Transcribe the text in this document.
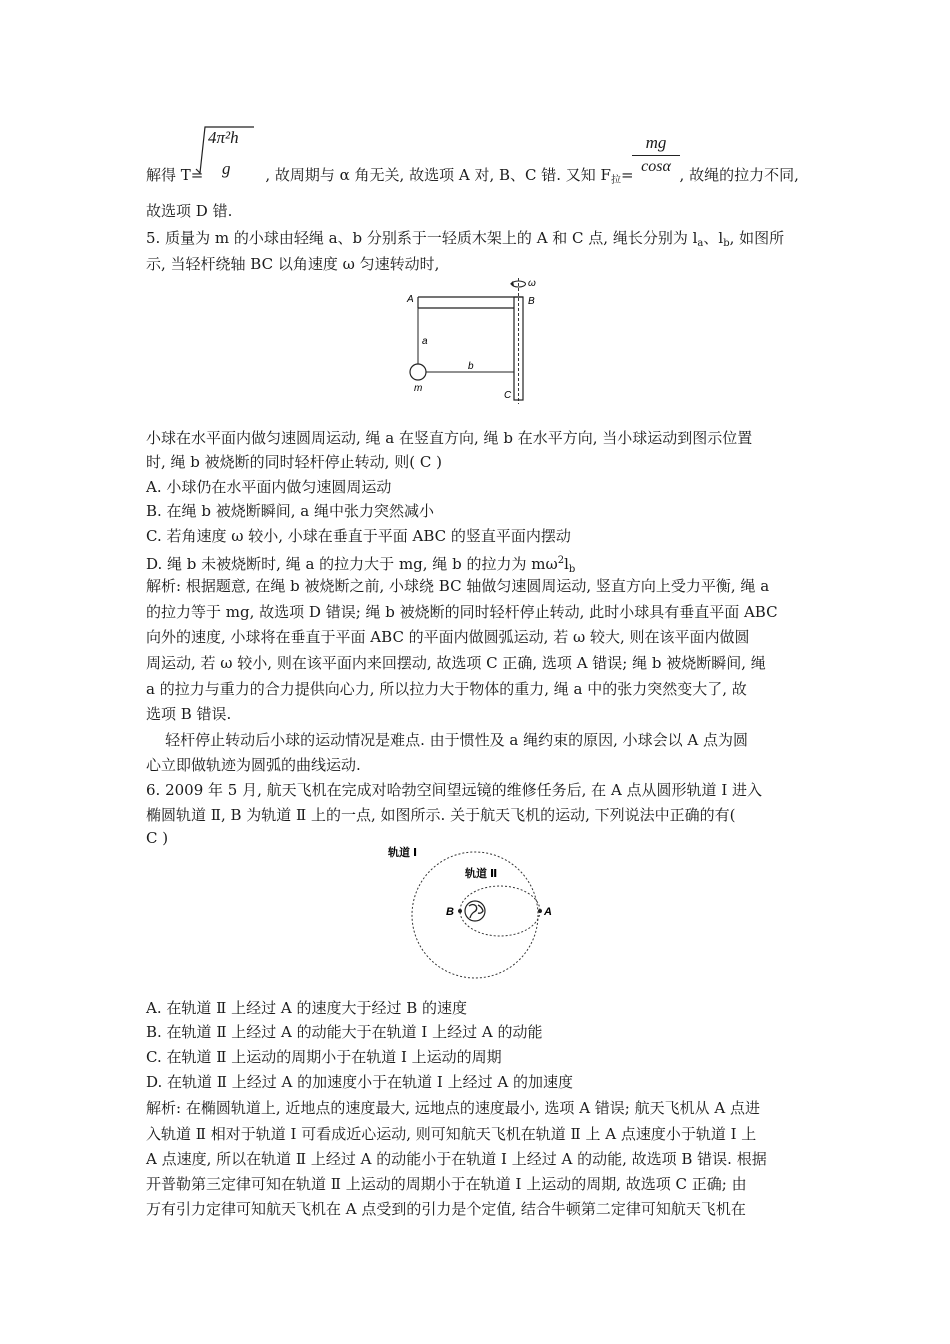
4π²h
g
解得 T=	, 故周期与 α 角无关, 故选项 A 对, B、C 错. 又知 $F_拉=$	, 故绳的拉力不同,
mg
cosα
故选项 D 错.
5. 质量为 m 的小球由轻绳 a、b 分别系于一轻质木架上的 A 和 C 点, 绳长分别为 $l_a$、$l_b$, 如图所
示, 当轻杆绕轴 BC 以角速度 ω 匀速转动时,
ω
A	B
C
a
b
m
小球在水平面内做匀速圆周运动, 绳 a 在竖直方向, 绳 b 在水平方向, 当小球运动到图示位置
时, 绳 b 被烧断的同时轻杆停止转动, 则( C )
A. 小球仍在水平面内做匀速圆周运动
B. 在绳 b 被烧断瞬间, a 绳中张力突然减小
C. 若角速度 ω 较小, 小球在垂直于平面 ABC 的竖直平面内摆动
D. 绳 b 未被烧断时, 绳 a 的拉力大于 mg, 绳 b 的拉力为 $m\omega^2l_b$
解析: 根据题意, 在绳 b 被烧断之前, 小球绕 BC 轴做匀速圆周运动, 竖直方向上受力平衡, 绳 a
的拉力等于 mg, 故选项 D 错误; 绳 b 被烧断的同时轻杆停止转动, 此时小球具有垂直平面 ABC
向外的速度, 小球将在垂直于平面 ABC 的平面内做圆弧运动, 若 ω 较大, 则在该平面内做圆
周运动, 若 ω 较小, 则在该平面内来回摆动, 故选项 C 正确, 选项 A 错误; 绳 b 被烧断瞬间, 绳
a 的拉力与重力的合力提供向心力, 所以拉力大于物体的重力, 绳 a 中的张力突然变大了, 故
选项 B 错误.
轻杆停止转动后小球的运动情况是难点. 由于惯性及 a 绳约束的原因, 小球会以 A 点为圆
心立即做轨迹为圆弧的曲线运动.
6. 2009 年 5 月, 航天飞机在完成对哈勃空间望远镜的维修任务后, 在 A 点从圆形轨道 Ⅰ 进入
椭圆轨道 Ⅱ, B 为轨道 Ⅱ 上的一点, 如图所示. 关于航天飞机的运动, 下列说法中正确的有(
C )
轨道 Ⅰ
轨道 Ⅱ
A
B
A. 在轨道 Ⅱ 上经过 A 的速度大于经过 B 的速度
B. 在轨道 Ⅱ 上经过 A 的动能大于在轨道 Ⅰ 上经过 A 的动能
C. 在轨道 Ⅱ 上运动的周期小于在轨道 Ⅰ 上运动的周期
D. 在轨道 Ⅱ 上经过 A 的加速度小于在轨道 Ⅰ 上经过 A 的加速度
解析: 在椭圆轨道上, 近地点的速度最大, 远地点的速度最小, 选项 A 错误; 航天飞机从 A 点进
入轨道 Ⅱ 相对于轨道 Ⅰ 可看成近心运动, 则可知航天飞机在轨道 Ⅱ 上 A 点速度小于轨道 Ⅰ 上
A 点速度, 所以在轨道 Ⅱ 上经过 A 的动能小于在轨道 Ⅰ 上经过 A 的动能, 故选项 B 错误. 根据
开普勒第三定律可知在轨道 Ⅱ 上运动的周期小于在轨道 Ⅰ 上运动的周期, 故选项 C 正确; 由
万有引力定律可知航天飞机在 A 点受到的引力是个定值, 结合牛顿第二定律可知航天飞机在
